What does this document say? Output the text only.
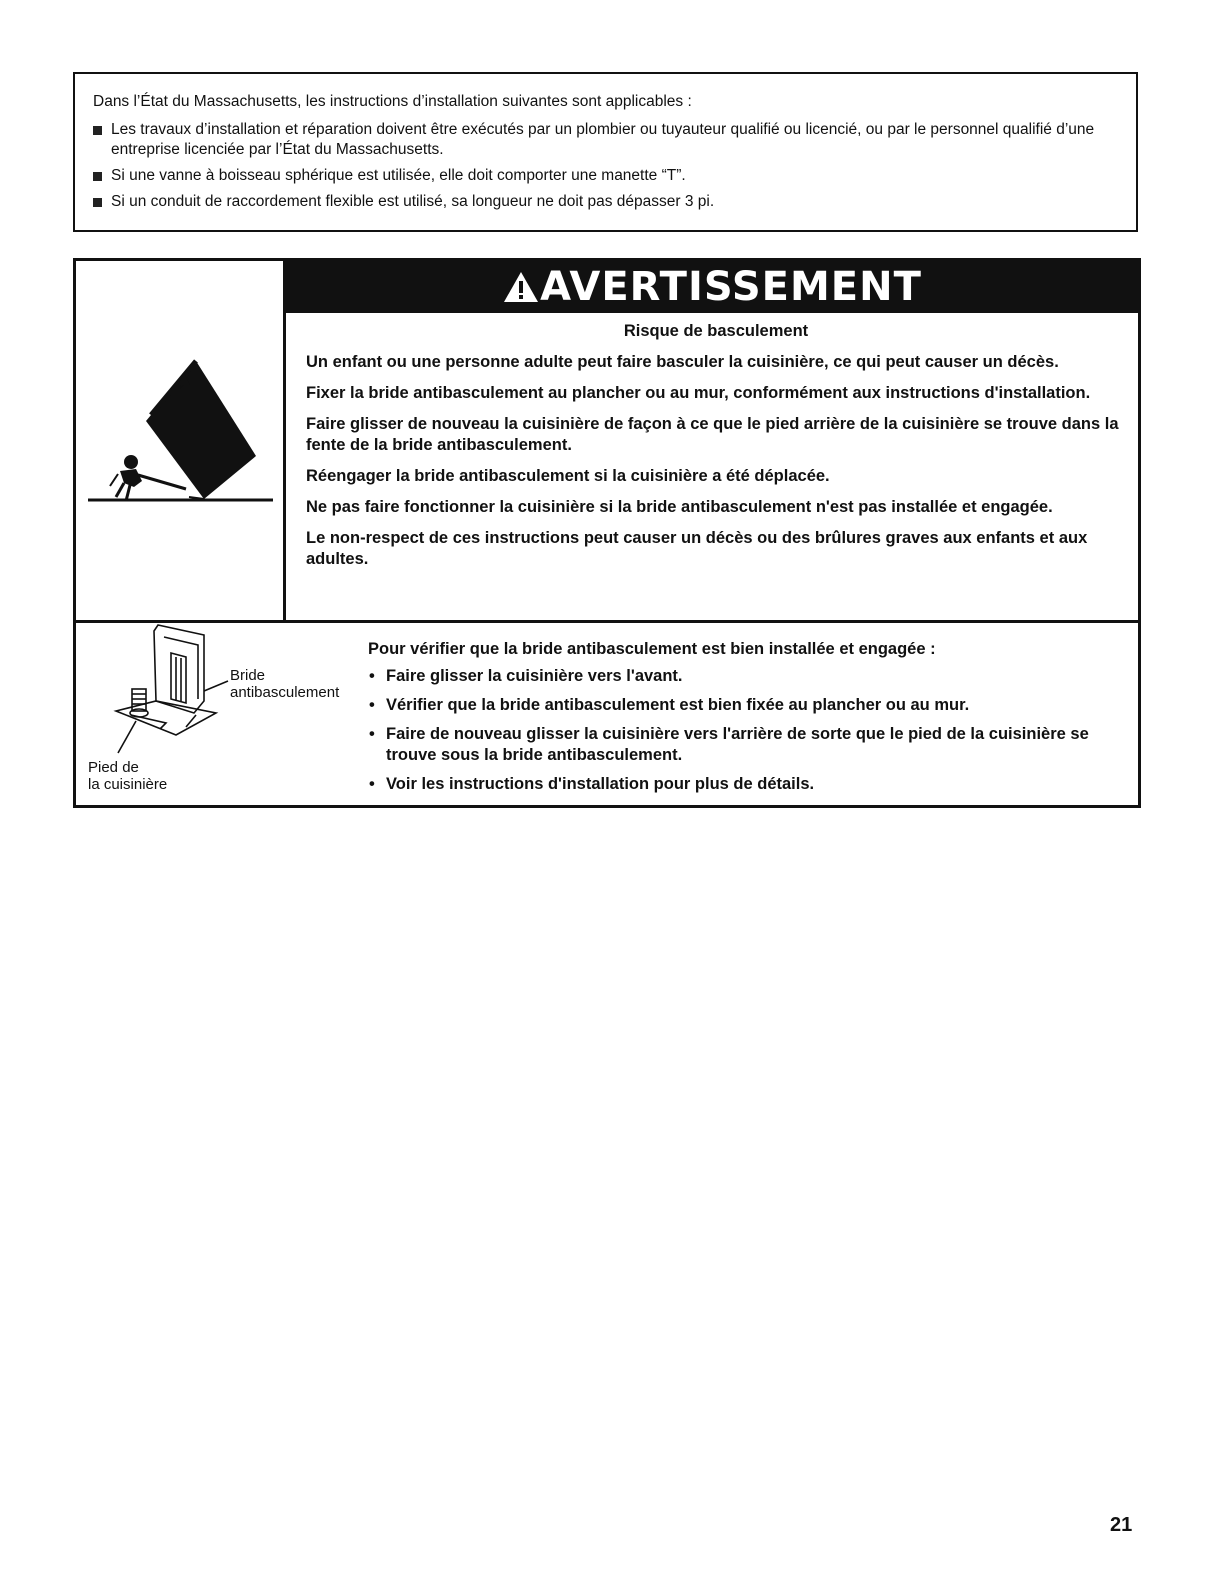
Dans l’État du Massachusetts, les instructions d’installation suivantes sont applicables :

Les travaux d’installation et réparation doivent être exécutés par un plombier ou tuyauteur qualifié ou licencié, ou par le personnel qualifié d’une entreprise licenciée par l’État du Massachusetts.
Si une vanne à boisseau sphérique est utilisée, elle doit comporter une manette “T”.
Si un conduit de raccordement flexible est utilisé, sa longueur ne doit pas dépasser 3 pi.
AVERTISSEMENT

Risque de basculement

Un enfant ou une personne adulte peut faire basculer la cuisinière, ce qui peut causer un décès.

Fixer la bride antibasculement au plancher ou au mur, conformément aux instructions d'installation.

Faire glisser de nouveau la cuisinière de façon à ce que le pied arrière de la cuisinière se trouve dans la fente de la bride antibasculement.

Réengager la bride antibasculement si la cuisinière a été déplacée.

Ne pas faire fonctionner la cuisinière si la bride antibasculement n'est pas installée et engagée.

Le non-respect de ces instructions peut causer un décès ou des brûlures graves aux enfants et aux adultes.

Bride
antibasculement
Pied de
la cuisinière

Pour vérifier que la bride antibasculement est bien installée et engagée :

• Faire glisser la cuisinière vers l'avant.
• Vérifier que la bride antibasculement est bien fixée au plancher ou au mur.
• Faire de nouveau glisser la cuisinière vers l'arrière de sorte que le pied de la cuisinière se trouve sous la bride antibasculement.
• Voir les instructions d'installation pour plus de détails.
21
